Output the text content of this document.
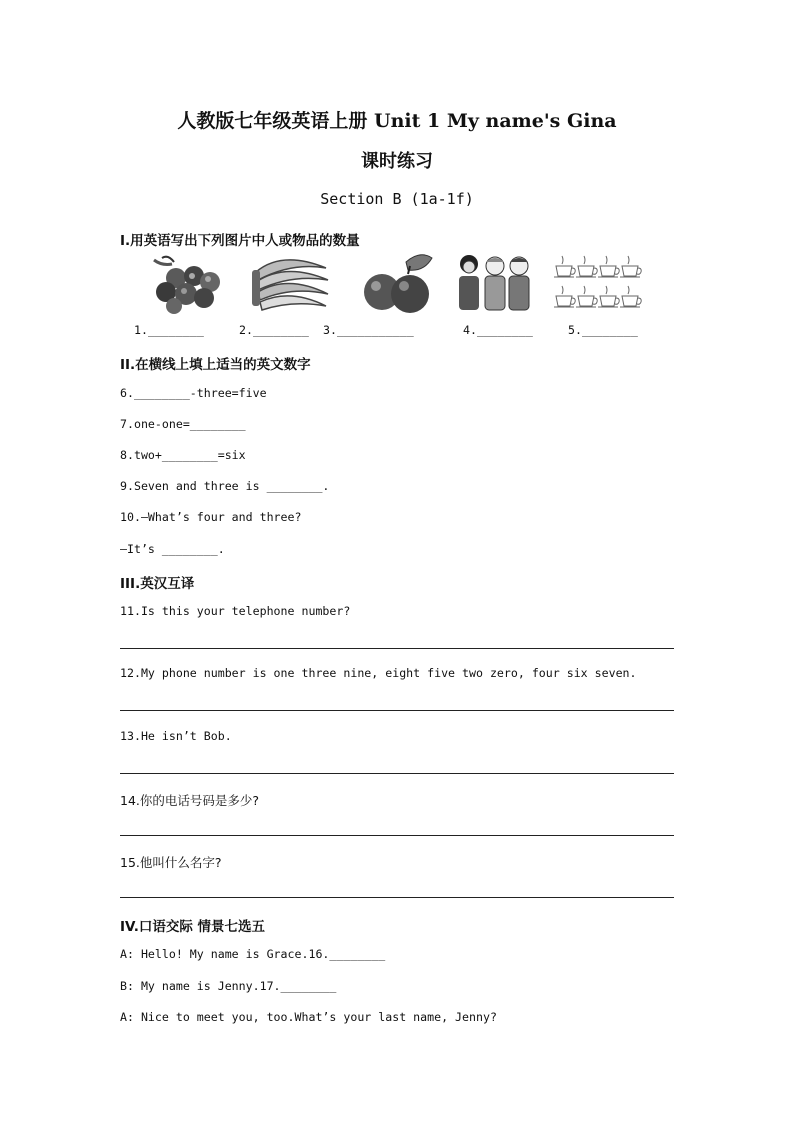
人教版七年级英语上册 Unit 1 My name's Gina
课时练习
Section B (1a-1f)
I.用英语写出下列图片中人或物品的数量
1.________	2.________ 3.___________	4.________	5.________
II.在横线上填上适当的英文数字
6.________-three=five
7.one-one=________
8.two+________=six
9.Seven and three is ________.
10.—What’s four and three?
—It’s ________.
III.英汉互译
11.Is this your telephone number?
12.My phone number is one three nine, eight five two zero, four six seven.
13.He isn’t Bob.
14.你的电话号码是多少?
15.他叫什么名字?
IV.口语交际 情景七选五
A: Hello! My name is Grace.16.________
B: My name is Jenny.17.________
A: Nice to meet you, too.What’s your last name, Jenny?
